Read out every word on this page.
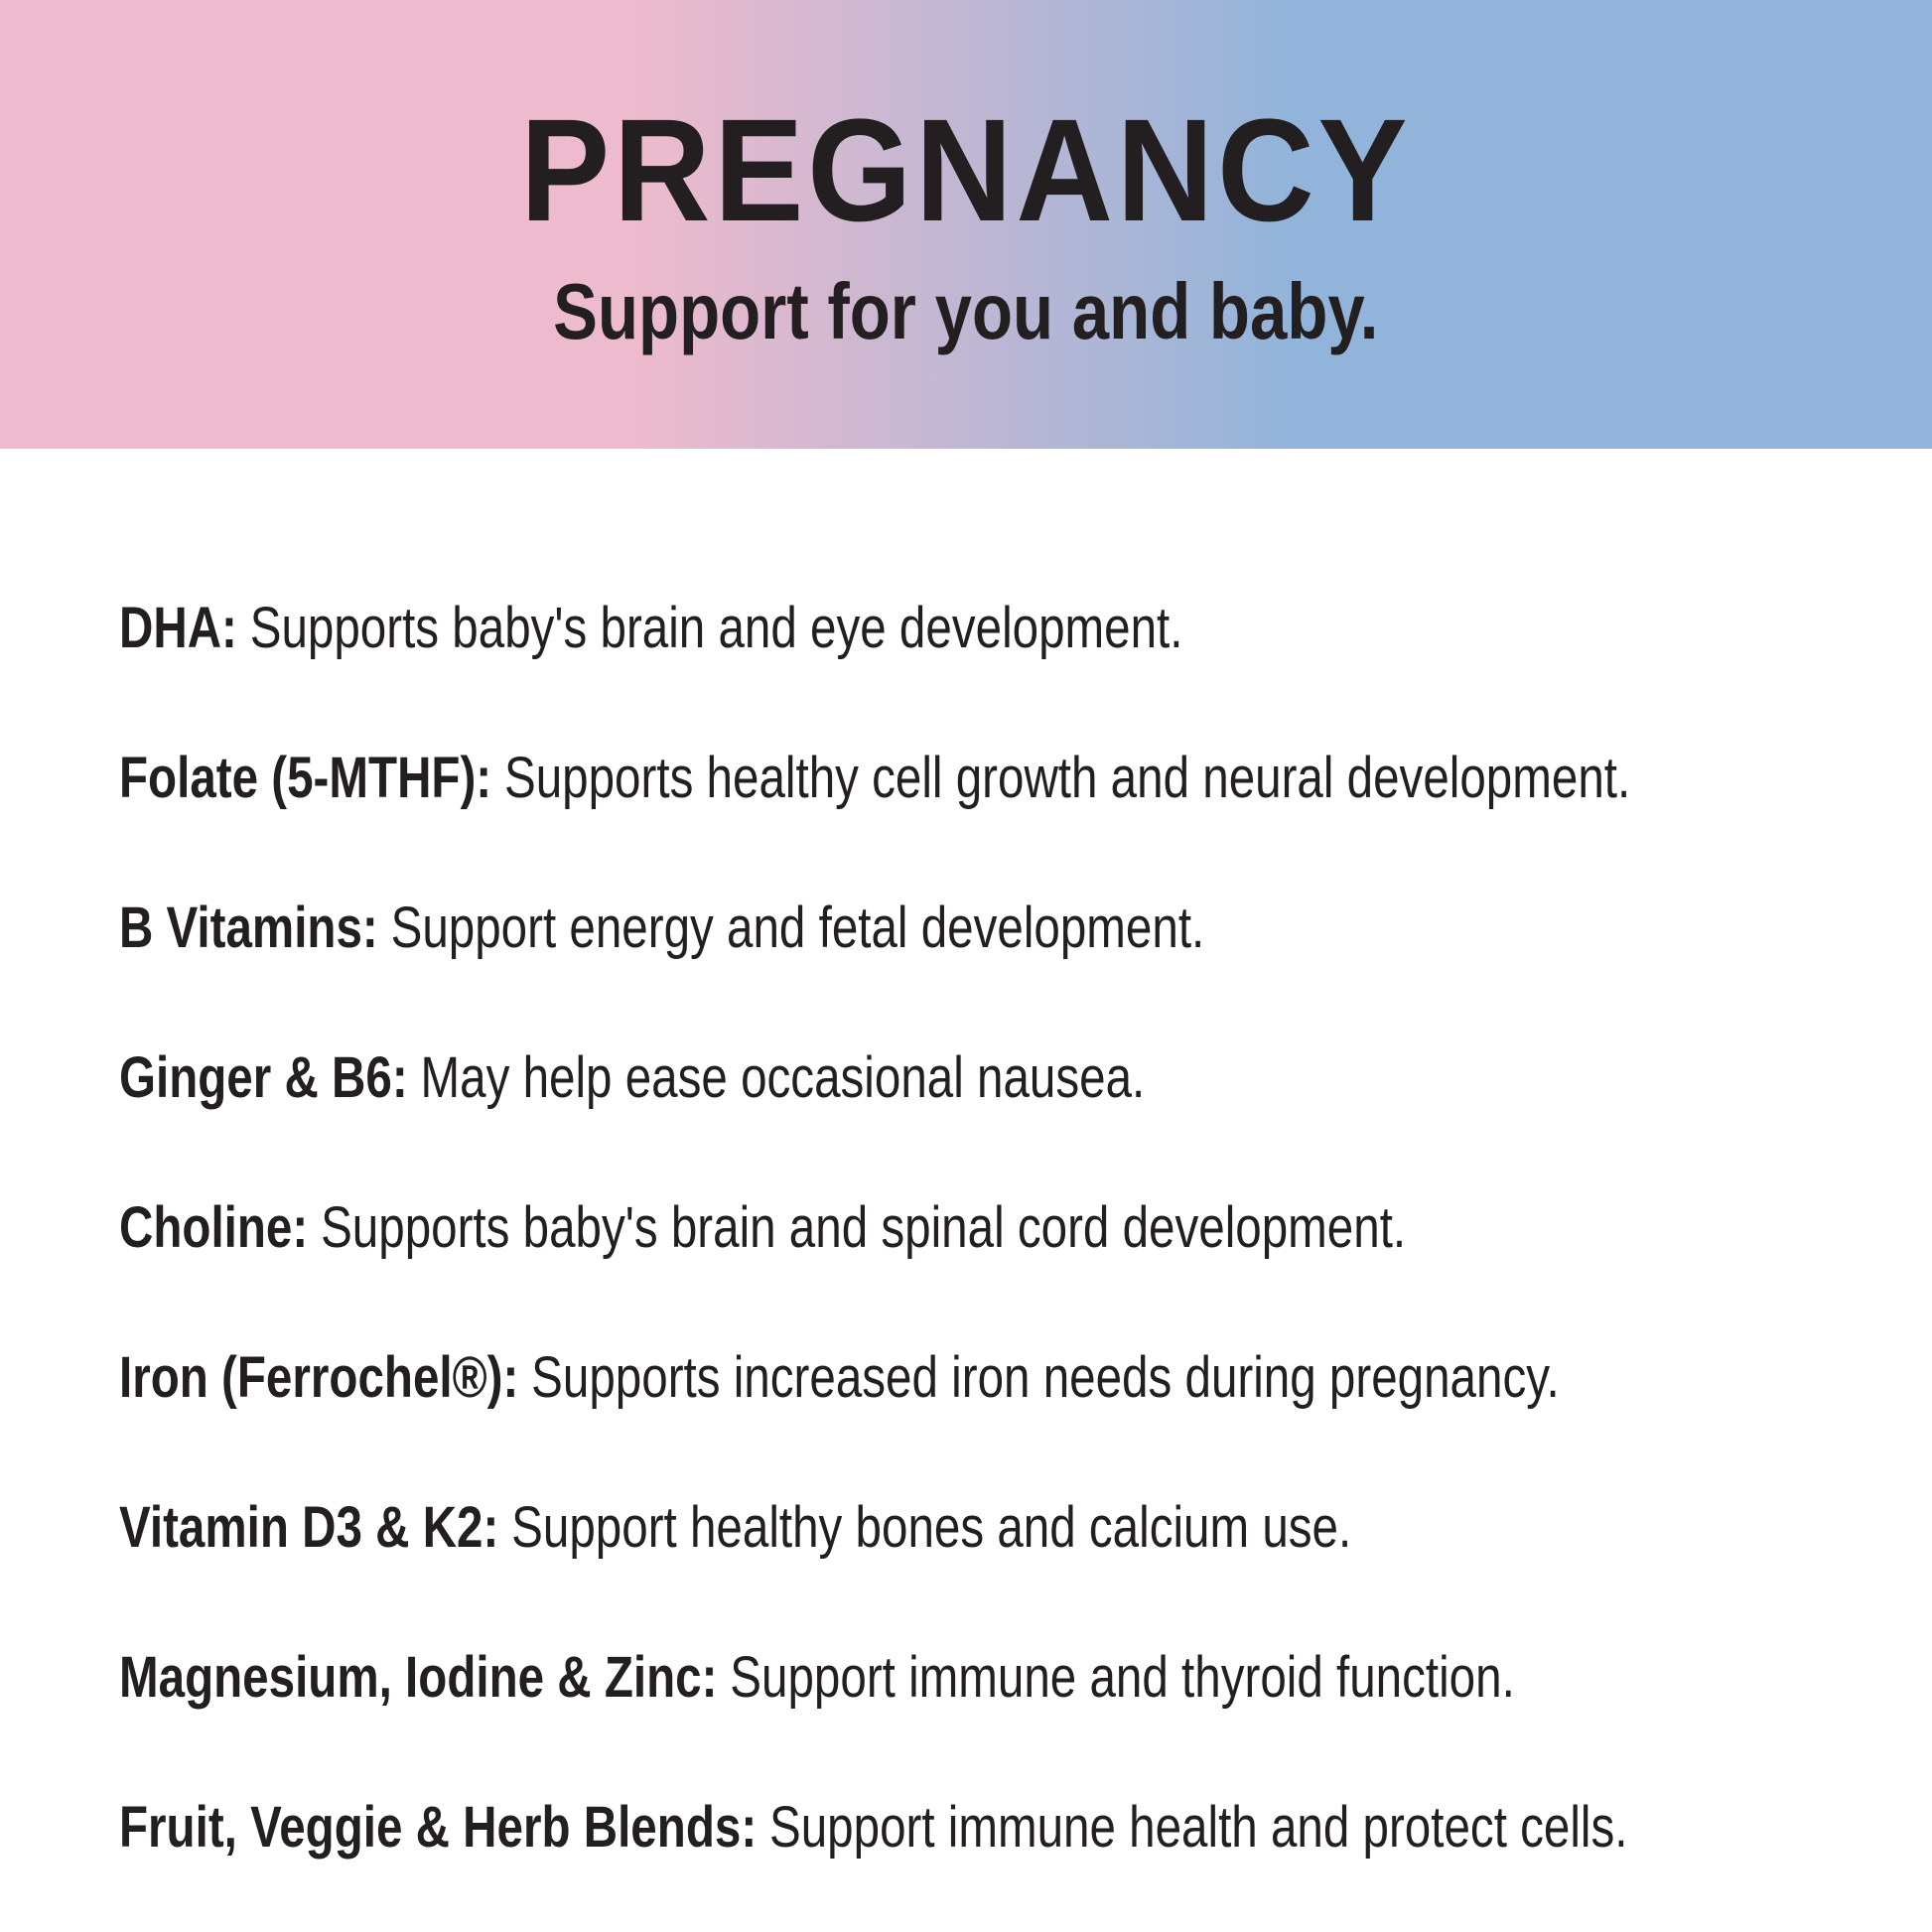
PREGNANCY

Support for you and baby.

DHA: Supports baby's brain and eye development.

Folate (5-MTHF): Supports healthy cell growth and neural development.

B Vitamins: Support energy and fetal development.

Ginger & B6: May help ease occasional nausea.

Choline: Supports baby's brain and spinal cord development.

Iron (Ferrochel®): Supports increased iron needs during pregnancy.

Vitamin D3 & K2: Support healthy bones and calcium use.

Magnesium, Iodine & Zinc: Support immune and thyroid function.

Fruit, Veggie & Herb Blends: Support immune health and protect cells.
